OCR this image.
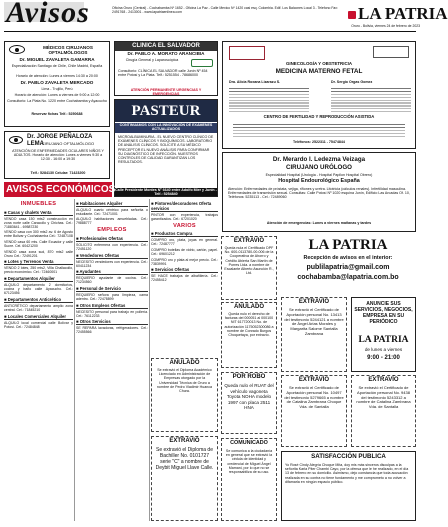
Avisos	Oficina Oruro (Central) - Cochabamba Nº 1652 - Oficina La Paz - Calle Mexico Nº 1420 casi esq. Colombia. Edif. Los Balcones Local 3 - Telefono Fax: 2491768 - 2413001 - www.lapatriaenlinea.com	LA PATRIA
Oruro - Bolivia, viernes 24 de febrero de 2023
MÉDICOS CIRUJANOS OFTALMÓLOGOS
Dr. MIGUEL ZAVALETA GAMARRA
Especialización Santiago de Chile, Chile Madrid, España
Horario de atención: Lunes a viernes 14:30 a 20:00
Dr. PABLO ZAVALETA MERCADO
Lima - Trujillo, Perú
Horario de atención: Lunes a viernes de 9:00 a 12:00
Consultorio: La Plata No. 1220 entre Cochabamba y Ayacucho
Reservar fichas Telf.: 5250688
Dr. JORGE PEÑALOZA LEMA
CIRUJANO OFTALMÓLOGO
ATENCIÓN DE ENFERMEDADES OCULARES NIÑOS Y ADULTOS. Horario de atención: Lunes a viernes 9:30 a 12:30 - 16:00 a 19:30
Telf.: 5284130 Celular: 71423200
CLINICA EL SALVADOR
Dr. PABLO A. MORATO ARANCIBIA
Cirugía General y Laparoscópica
Consultorio: CLÍNICA EL SALVADOR calle Junín Nº 454 entre Potosí y La Plata. Telf.: 5251554 - 78686000
ATENCIÓN PERMANENTE URGENCIAS Y EMERGENCIAS
PASTEUR
CONTINUAMOS CON LA INNOVACIÓN DE EXÁMENES ACTUALIZADOS
MICROALBUMINURIA - EL NUEVO CENTRO CLÍNICO DE EXÁMENES CLÍNICOS Y BIOQUÍMICOS. LABORATORIO DE ANÁLISIS CLÍNICOS. SOLICITE A SU MÉDICO PRECEPTOR EL NUEVO ANÁLISIS PARA CONFIRMAR SU DIAGNÓSTICO DE INFECCIÓN. NUESTROS CONTROLES DE CALIDAD GARANTIZAN LOS RESULTADOS.
Calle Presidente Montes Nº 6640 entre Adolfo Mier y Junín - Telf.: 5254840
GINECOLOGÍA Y OBSTETRICIA
MEDICINA MATERNO FETAL
Dra. Alicia Roxana Lizarazu S.	Dr. Sergio Orgas Gomez
CENTRO DE FERTILIDAD Y REPRODUCCIÓN ASISTIDA
Teléfonos: 2522311 - 75474844
Dr. Merardo I. Ledezma Veizaga
CIRUJANO URÓLOGO
Especialidad Hospital (Urología - Hospital Papilon Hospital Obrero)
Hospital Endourológico España
Atención: Enfermedades de próstata, vejiga, riñones y uretra. Litotricia (cálculos renales). Infertilidad masculina. Enfermedades de transmisión sexual. Consultas: Calle Potosí Nº 1020 esquina Junín, Edificio Las Arcadas Of. 10, Teléfonos: 5235113 - Cel.: 72489060
Atención de emergencias: Lunes a viernes mañanas y tardes
AVISOS ECONÓMICOS
INMUEBLES
■ Casas y chalets Venta
VENDO casa 150 mts2 construcción en zona norte calle Caracollo y Chichas. Cel.: 71883641 - 69587230
VENDO casa con 300 mts2 av. 6 de Agosto entre Bolivar y Cochabamba Cel.: 72487108
VENDO casa 60 mts. Calle Ecuador y calle Sucre. Cel. 60421200
VENDO casa zona sud, 870 mts2 calle Oruro Cel.: 72491201
■ Lotes y Terrenos Venta
VENDO 2 lotes, 250 mts2, Villa Challacollo, precio económico. Cel.: 72460001
■ Departamentos Alquiler
ALQUILO departamento 2 dormitorios, cocina y baño calle Ayacucho. Cel.: 67123456
■ Departamentos Anticrético
ANTICRÉTICO departamento amplio zona central. Cel.: 71845210
■ Locales Comerciales Alquiler
ALQUILO local comercial calle Bolívar y Potosí. Cel.: 72484848
■ Habitaciones Alquiler
ALQUILO cuarto céntrico para señorita o estudiante. Cel.: 72471001
ALQUILO habitaciones amuebladas. Cel.: 79888777
EMPLEOS
■ Profesionales Ofertas
SOLICITO enfermera con experiencia. Cel.: 72451120
■ Vendedores Ofertas
NECESITO vendedores con experiencia. Cel.: 60411234
■ Ayudantes
REQUIERO ayudante de cocina. Cel.: 71234560
■ Personal de Servicio
REQUIERO señora para limpieza, cama adentro. Cel.: 72478899
■ Otros Empleos Ofertas
NECESITO personal para trabajo en pollería. Cel.: 76112233
■ Otros Servicios
SE REPARA lavadoras, refrigeradores. Cel.: 72455566
■ Pintores/decoradores Oferta servicios
PINTOR con experiencia, trabajos garantizados. Cel.: 67201020
VARIOS
■ Productos Compra
COMPRO oro, plata, joyas en general. Cel.: 72487777
COMPRO botellas de vidrio, cartón, papel. Cel.: 69601212
COMPRO oro y plata al mejor precio. Cel.: 73839991
■ Servicios Ofertas
SE HACE trabajos de albañilería. Cel.: 72455412
EXTRAVIO
Queda nula el Certificado DPF No. 600-0113780-00-006 de la Cooperativa de Ahorro y Crédito Abierta San Martín de Porres Ltda. a nombre de Escalante Alberto Asunción R., Ltd.
LA PATRIA
Recepción de avisos en el interior:
publilapatria@gmail.com
cochabamba@lapatria.com.bo
ANULADO
Queda nulo el derecho de facturas del 000051 al 000100 NIT 617720013 No. de autorización 1175052300086 a nombre de Conrado Burgos Choquetaya, por extravío.
EXTRAVÍO
Se extravió el Certificado de Aportación personal No. 13413 del testimonio 5244121 a nombre de Ángel Arias Morales y Margarita Salome Santalla Zambrana
ANUNCIE SUS SERVICIOS, NEGOCIOS, EMPRESA EN SU PERIÓDICO
LA PATRIA
de lunes a viernes
9:00 - 21:00
ANULADO
Se extravió el Diploma Académico Licenciado en Administración de Empresas otorgado por la Universidad Técnica de Oruro a nombre de Pedro Vladimir Huanca Chura.
POR ROBO
Queda nulo el RUAT del vehículo vagoneta Toyota NOHA modelo 1997 con placa 2511 HNA
EXTRAVÍO
Se extravió el Certificado de Aportación personal No. 10497 del testimonio 5279665 a nombre de Catalina Zambrana Choque Vda. de Santalla
EXTRAVÍO
Se extravió el Certificado de Aportación personal No. 9438 del testimonio 5243312 a nombre de Catalina Zambrana Vda. de Santalla
EXTRAVIÓ
Se extravió el Diploma de Bachiller No. 0101727 serie "C" a nombre de Deybit Miguel Llave Calle.
COMUNICADO
Se comunica a la ciudadanía en general que se extravió la cédula de identidad y credencial de Miguel Ángel Mamani, por lo que no se responsabiliza de su uso.
SATISFACCIÓN PUBLICA
Yo Rosé Cindy Alegría Choque Mita, doy mis más sinceros disculpas a la señorita Karla Piter Chambi Cayo, por la ofensa que le he realizado, en el día 13 de febrero en su domicilio. Asimismo, dejo constancia que toda acusación realizada en su contra no tiene fundamento y me comprometo a no volver a difamarla en ningún espacio público.
